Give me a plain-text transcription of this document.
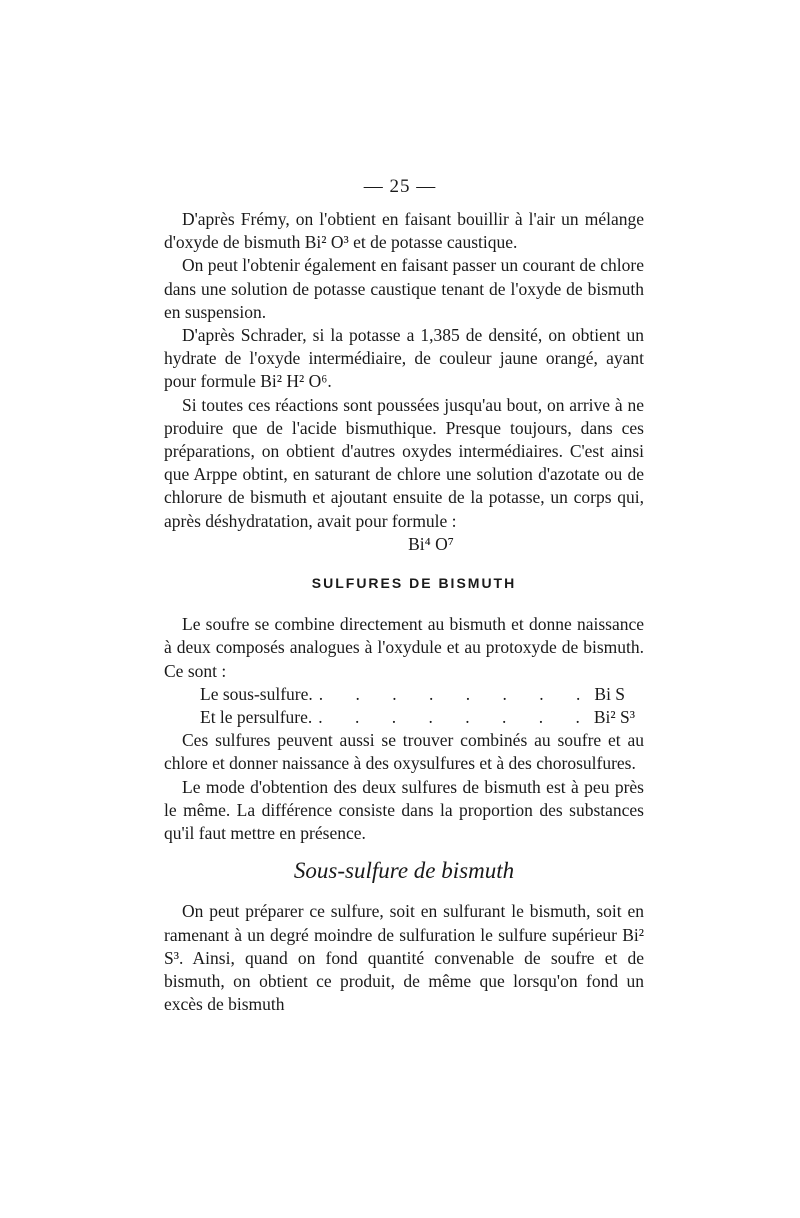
— 25 —

D'après Frémy, on l'obtient en faisant bouillir à l'air un mélange d'oxyde de bismuth Bi² O³ et de potasse caustique.

On peut l'obtenir également en faisant passer un courant de chlore dans une solution de potasse caustique tenant de l'oxyde de bismuth en suspension.

D'après Schrader, si la potasse a 1,385 de densité, on obtient un hydrate de l'oxyde intermédiaire, de couleur jaune orangé, ayant pour formule Bi² H² O⁶.

Si toutes ces réactions sont poussées jusqu'au bout, on arrive à ne produire que de l'acide bismuthique. Presque toujours, dans ces préparations, on obtient d'autres oxydes intermédiaires. C'est ainsi que Arppe obtint, en saturant de chlore une solution d'azotate ou de chlorure de bismuth et ajoutant ensuite de la potasse, un corps qui, après déshydratation, avait pour formule :

Bi⁴ O⁷

SULFURES DE BISMUTH

Le soufre se combine directement au bismuth et donne naissance à deux composés analogues à l'oxydule et au protoxyde de bismuth. Ce sont :

Le sous-sulfure. . . . . . . . . Bi S
Et le persulfure. . . . . . . . . Bi² S³

Ces sulfures peuvent aussi se trouver combinés au soufre et au chlore et donner naissance à des oxysulfures et à des chorosulfures.

Le mode d'obtention des deux sulfures de bismuth est à peu près le même. La différence consiste dans la proportion des substances qu'il faut mettre en présence.

Sous-sulfure de bismuth

On peut préparer ce sulfure, soit en sulfurant le bismuth, soit en ramenant à un degré moindre de sulfuration le sulfure supérieur Bi² S³. Ainsi, quand on fond quantité convenable de soufre et de bismuth, on obtient ce produit, de même que lorsqu'on fond un excès de bismuth
